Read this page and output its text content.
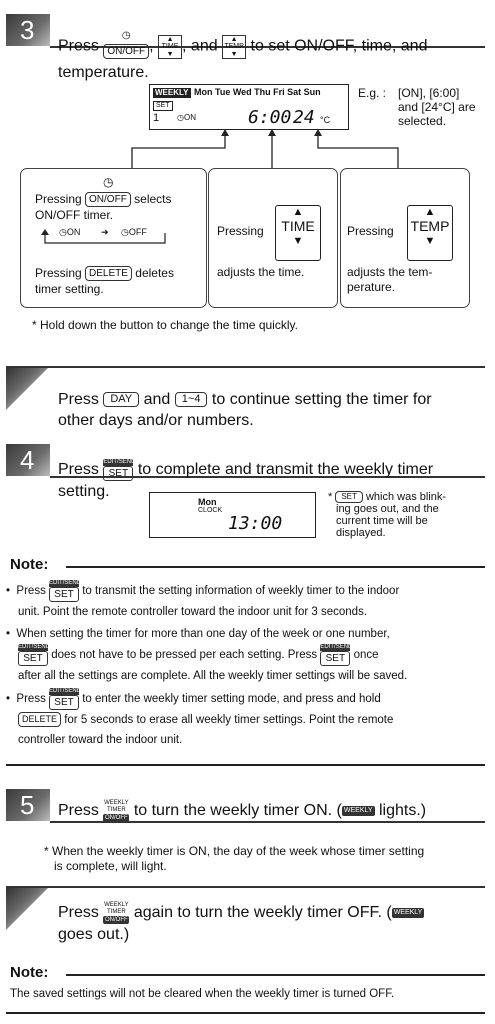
3
Press
◷
ON/OFF ,	▲
TIME
▼ , and	▲
TEMP
▼ to set ON/OFF, time, and
temperature.
WEEKLY Mon Tue Wed Thu Fri Sat Sun
SET
1 ◷ON	6:00 24 °C
E.g. : [ON], [6:00]
and [24°C] are
selected.
◷
Pressing ON/OFF selects
ON/OFF timer.
◷ON ➜ ◷OFF
Pressing DELETE deletes
timer setting.
Pressing
▲
TIME
▼
adjusts the time.
Pressing
▲
TEMP
▼
adjusts the tem-
perature.
* Hold down the button to change the time quickly.
Press DAY and 1~4 to continue setting the timer for
other days and/or numbers.
4	Press EDIT/SEND
SET to complete and transmit the weekly timer
setting.
Mon
CLOCK
13:00
* SET which was blink-
ing goes out, and the
current time will be
displayed.
Note:
• Press
EDIT/SEND
SET to transmit the setting information of weekly timer to the indoor
unit. Point the remote controller toward the indoor unit for 3 seconds.
• When setting the timer for more than one day of the week or one number,

EDIT/SEND
SET does not have to be pressed per each setting. Press
EDIT/SEND
SET once
after all the settings are complete. All the weekly timer settings will be saved.
• Press
EDIT/SEND
SET to enter the weekly timer setting mode, and press and hold
DELETE for 5 seconds to erase all weekly timer settings. Point the remote
controller toward the indoor unit.
5	Press WEEKLY
TIMER
ON/OFF to turn the weekly timer ON. ( WEEKLY lights.)
* When the weekly timer is ON, the day of the week whose timer setting
is complete, will light.
Press WEEKLY
TIMER
ON/OFF again to turn the weekly timer OFF. ( WEEKLY
goes out.)
Note:
The saved settings will not be cleared when the weekly timer is turned OFF.
